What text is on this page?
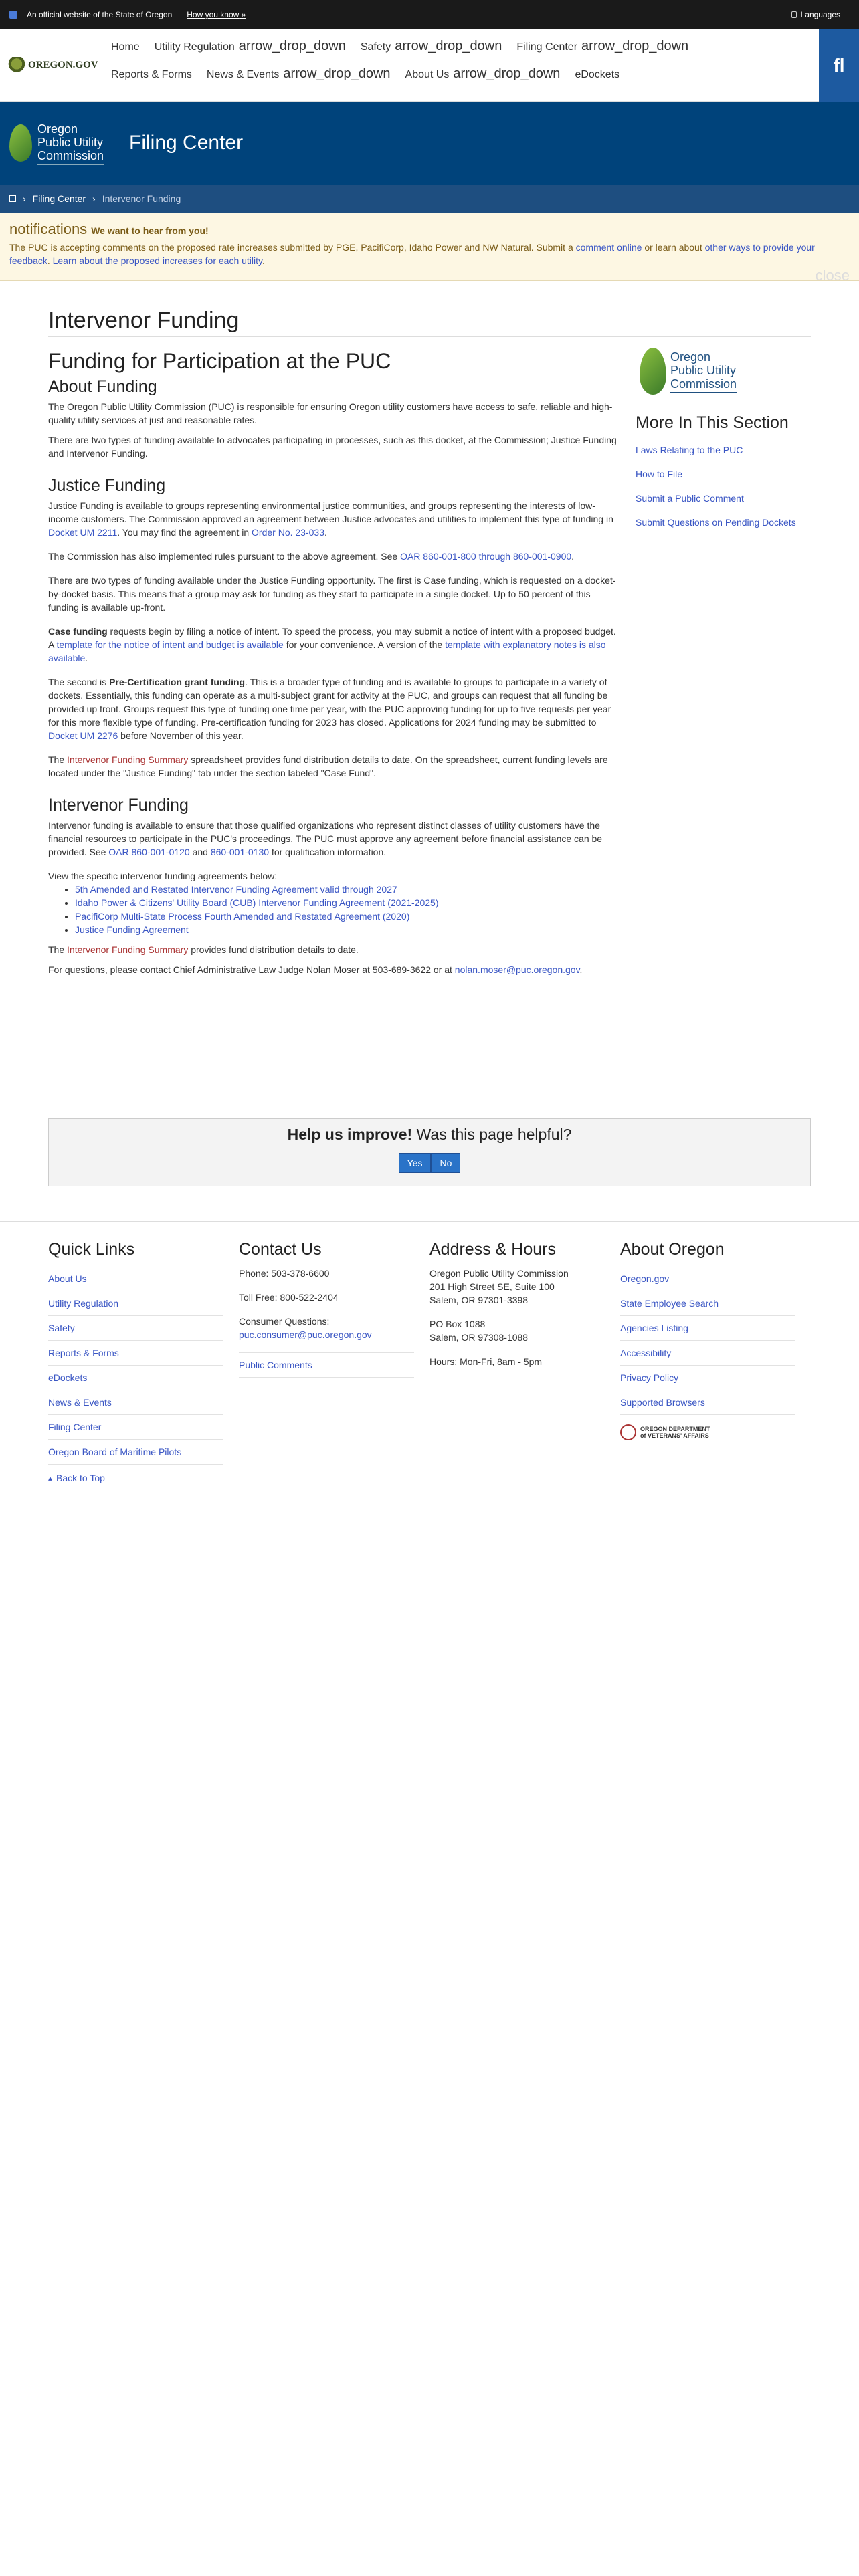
An official website of the State of Oregon How you know »	Languages
OREGON.GOV
Home Utility Regulation arrow_drop_down Safety arrow_drop_down Filing Center arrow_drop_down
Reports & Forms News & Events arrow_drop_down About Us arrow_drop_down eDockets	fl
Oregon
Public Utility
Commission
Filing Center
› Filing Center › Intervenor Funding
notifications We want to hear from you!
The PUC is accepting comments on the proposed rate increases submitted by PGE, PacifiCorp, Idaho Power and NW Natural. Submit a comment online or learn about other ways to provide your feedback. Learn about the proposed increases for each utility.
close
Intervenor Funding
Funding for Participation at the PUC
About Funding

The Oregon Public Utility Commission (PUC) is responsible for ensuring Oregon utility customers have access to safe, reliable and high-quality utility services at just and reasonable rates.

There are two types of funding available to advocates participating in processes, such as this docket, at the Commission; Justice Funding and Intervenor Funding.

Justice Funding

Justice Funding is available to groups representing environmental justice communities, and groups representing the interests of low-income customers. The Commission approved an agreement between Justice advocates and utilities to implement this type of funding in Docket UM 2211. You may find the agreement in Order No. 23-033.

The Commission has also implemented rules pursuant to the above agreement. See OAR 860-001-800 through 860-001-0900.

There are two types of funding available under the Justice Funding opportunity. The first is Case funding, which is requested on a docket-by-docket basis. This means that a group may ask for funding as they start to participate in a single docket. Up to 50 percent of this funding is available up-front.

Case funding requests begin by filing a notice of intent. To speed the process, you may submit a notice of intent with a proposed budget. A template for the notice of intent and budget is available for your convenience. A version of the template with explanatory notes is also available.

The second is Pre-Certification grant funding. This is a broader type of funding and is available to groups to participate in a variety of dockets. Essentially, this funding can operate as a multi-subject grant for activity at the PUC, and groups can request that all funding be provided up front. Groups request this type of funding one time per year, with the PUC approving funding for up to five requests per year for this more flexible type of funding. Pre-certification funding for 2023 has closed. Applications for 2024 funding may be submitted to Docket UM 2276 before November of this year.

The Intervenor Funding Summary spreadsheet provides fund distribution details to date. On the spreadsheet, current funding levels are located under the "Justice Funding" tab under the section labeled "Case Fund".

Intervenor Funding

Intervenor funding is available to ensure that those qualified organizations who represent distinct classes of utility customers have the financial resources to participate in the PUC's proceedings. The PUC must approve any agreement before financial assistance can be provided. See OAR 860-001-0120 and 860-001-0130 for qualification information.

View the specific intervenor funding agreements below:

• 5th Amended and Restated Intervenor Funding Agreement valid through 2027
• Idaho Power & Citizens' Utility Board (CUB) Intervenor Funding Agreement (2021-2025)
• PacifiCorp Multi-State Process Fourth Amended and Restated Agreement (2020)
• Justice Funding Agreement

The Intervenor Funding Summary provides fund distribution details to date.

For questions, please contact Chief Administrative Law Judge Nolan Moser at 503-689-3622 or at nolan.moser@puc.oregon.gov.

Oregon
Public Utility
Commission
More In This Section
Laws Relating to the PUC
How to File
Submit a Public Comment
Submit Questions on Pending Dockets
Help us improve! Was this page helpful?
Yes	No
Quick Links
About Us
Utility Regulation
Safety
Reports & Forms
eDockets
News & Events
Filing Center
Oregon Board of Maritime Pilots
▴ Back to Top
Contact Us

Phone: 503-378-6600

Toll Free: 800-522-2404

Consumer Questions:
puc.consumer@puc.oregon.gov

Public Comments
Address & Hours

Oregon Public Utility Commission
201 High Street SE, Suite 100
Salem, OR 97301-3398

PO Box 1088
Salem, OR 97308-1088

Hours: Mon-Fri, 8am - 5pm

About Oregon
Oregon.gov
State Employee Search
Agencies Listing
Accessibility
Privacy Policy
Supported Browsers
OREGON DEPARTMENT
of VETERANS' AFFAIRS
